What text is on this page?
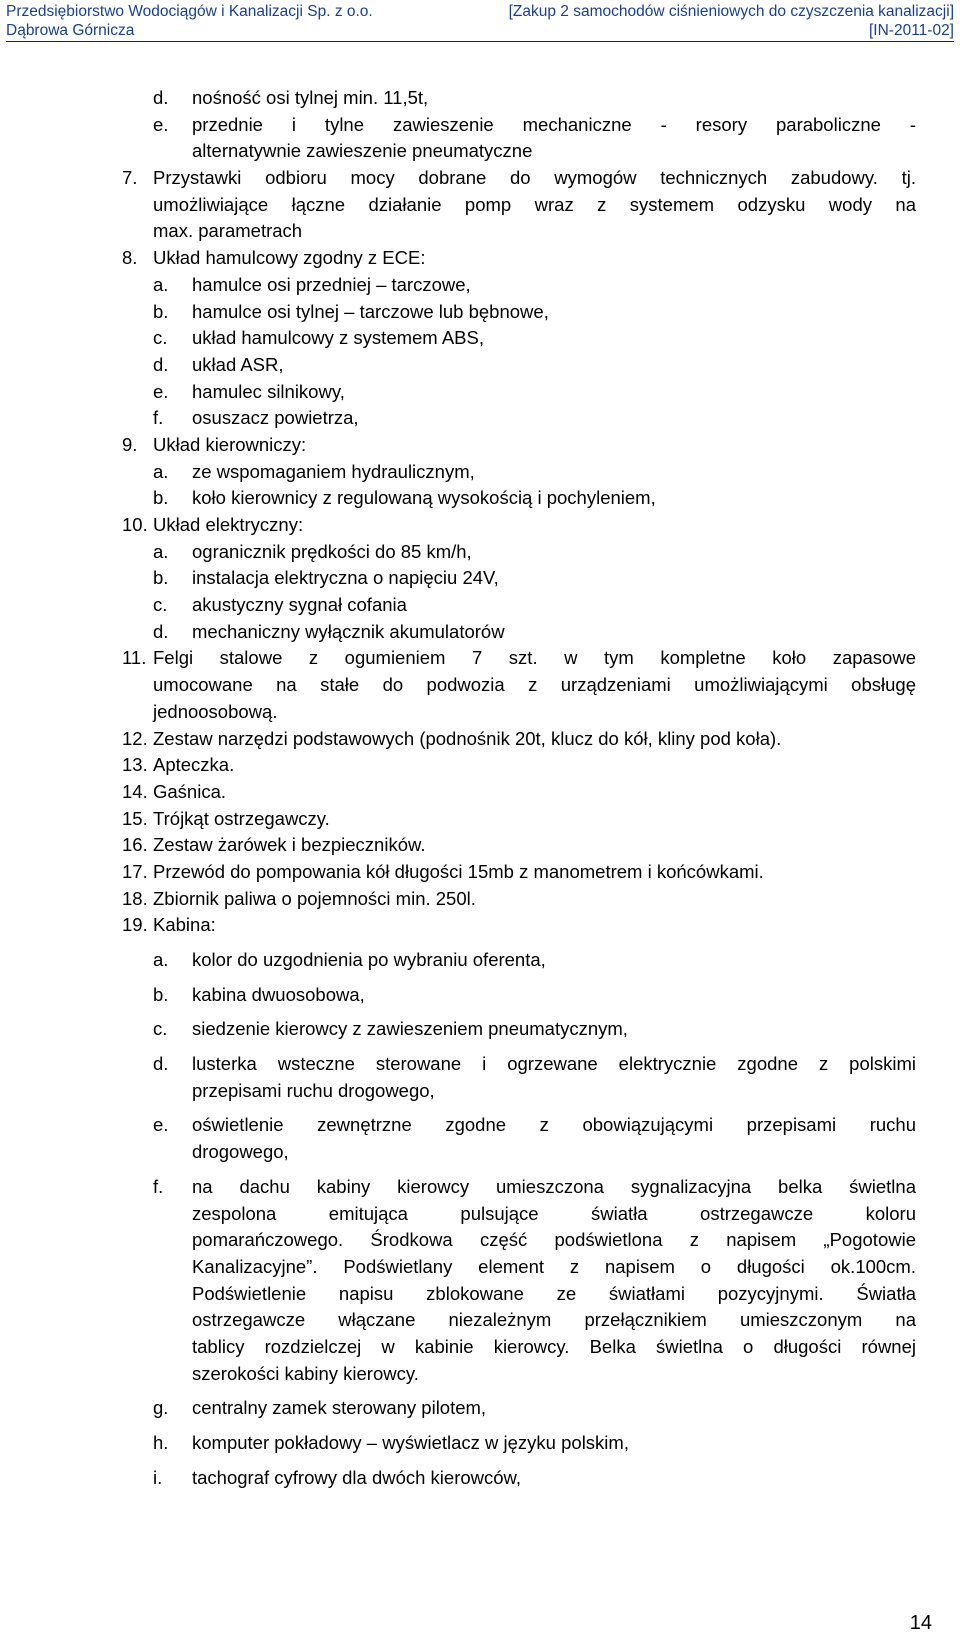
Przedsiębiorstwo Wodociągów i Kanalizacji Sp. z o.o.	[Zakup 2 samochodów ciśnieniowych do czyszczenia kanalizacji]
Dąbrowa Górnicza	[IN-2011-02]
d. nośność osi tylnej min. 11,5t,
e. przednie i tylne zawieszenie mechaniczne - resory paraboliczne -
alternatywnie zawieszenie pneumatyczne
7. Przystawki odbioru mocy dobrane do wymogów technicznych zabudowy. tj.
umożliwiające łączne działanie pomp wraz z systemem odzysku wody na
max. parametrach
8. Układ hamulcowy zgodny z ECE:
a. hamulce osi przedniej – tarczowe,
b. hamulce osi tylnej – tarczowe lub bębnowe,
c. układ hamulcowy z systemem ABS,
d. układ ASR,
e. hamulec silnikowy,
f. osuszacz powietrza,
9. Układ kierowniczy:
a. ze wspomaganiem hydraulicznym,
b. koło kierownicy z regulowaną wysokością i pochyleniem,
10. Układ elektryczny:
a. ogranicznik prędkości do 85 km/h,
b. instalacja elektryczna o napięciu 24V,
c. akustyczny sygnał cofania
d. mechaniczny wyłącznik akumulatorów
11. Felgi stalowe z ogumieniem 7 szt. w tym kompletne koło zapasowe
umocowane na stałe do podwozia z urządzeniami umożliwiającymi obsługę
jednoosobową.
12. Zestaw narzędzi podstawowych (podnośnik 20t, klucz do kół, kliny pod koła).
13. Apteczka.
14. Gaśnica.
15. Trójkąt ostrzegawczy.
16. Zestaw żarówek i bezpieczników.
17. Przewód do pompowania kół długości 15mb z manometrem i końcówkami.
18. Zbiornik paliwa o pojemności min. 250l.
19. Kabina:
a. kolor do uzgodnienia po wybraniu oferenta,
b. kabina dwuosobowa,
c. siedzenie kierowcy z zawieszeniem pneumatycznym,
d. lusterka wsteczne sterowane i ogrzewane elektrycznie zgodne z polskimi
przepisami ruchu drogowego,
e. oświetlenie zewnętrzne zgodne z obowiązującymi przepisami ruchu
drogowego,
f. na dachu kabiny kierowcy umieszczona sygnalizacyjna belka świetlna
zespolona emitująca pulsujące światła ostrzegawcze koloru
pomarańczowego. Środkowa część podświetlona z napisem „Pogotowie
Kanalizacyjne”. Podświetlany element z napisem o długości ok.100cm.
Podświetlenie napisu zblokowane ze światłami pozycyjnymi. Światła
ostrzegawcze włączane niezależnym przełącznikiem umieszczonym na
tablicy rozdzielczej w kabinie kierowcy. Belka świetlna o długości równej
szerokości kabiny kierowcy.
g. centralny zamek sterowany pilotem,
h. komputer pokładowy – wyświetlacz w języku polskim,
i. tachograf cyfrowy dla dwóch kierowców,
14
